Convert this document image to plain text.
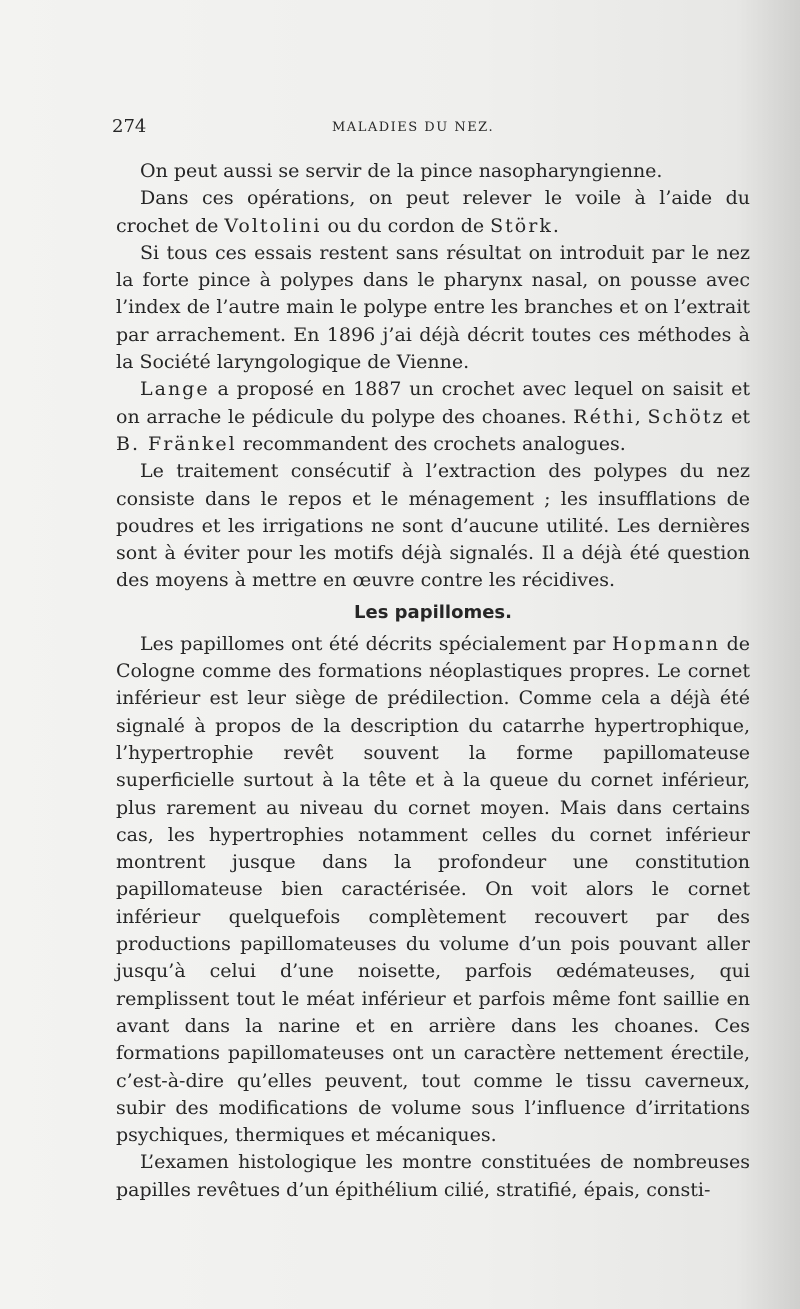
274	MALADIES DU NEZ.

On peut aussi se servir de la pince nasopharyngienne.

Dans ces opérations, on peut relever le voile à l’aide du crochet de Voltolini ou du cordon de Störk.

Si tous ces essais restent sans résultat on introduit par le nez la forte pince à polypes dans le pharynx nasal, on pousse avec l’index de l’autre main le polype entre les branches et on l’extrait par arrachement. En 1896 j’ai déjà décrit toutes ces méthodes à la Société laryngologique de Vienne.

Lange a proposé en 1887 un crochet avec lequel on saisit et on arrache le pédicule du polype des choanes. Réthi, Schötz et B. Fränkel recommandent des crochets analogues.

Le traitement consécutif à l’extraction des polypes du nez consiste dans le repos et le ménagement ; les insufflations de poudres et les irrigations ne sont d’aucune utilité. Les dernières sont à éviter pour les motifs déjà signalés. Il a déjà été question des moyens à mettre en œuvre contre les récidives.

Les papillomes.

Les papillomes ont été décrits spécialement par Hopmann de Cologne comme des formations néoplastiques propres. Le cornet inférieur est leur siège de prédilection. Comme cela a déjà été signalé à propos de la description du catarrhe hypertrophique, l’hypertrophie revêt souvent la forme papillomateuse superficielle surtout à la tête et à la queue du cornet inférieur, plus rarement au niveau du cornet moyen. Mais dans certains cas, les hypertrophies notamment celles du cornet inférieur montrent jusque dans la profondeur une constitution papillomateuse bien caractérisée. On voit alors le cornet inférieur quelquefois complètement recouvert par des productions papillomateuses du volume d’un pois pouvant aller jusqu’à celui d’une noisette, parfois œdémateuses, qui remplissent tout le méat inférieur et parfois même font saillie en avant dans la narine et en arrière dans les choanes. Ces formations papillomateuses ont un caractère nettement érectile, c’est-à-dire qu’elles peuvent, tout comme le tissu caverneux, subir des modifications de volume sous l’influence d’irritations psychiques, thermiques et mécaniques.

L’examen histologique les montre constituées de nombreuses papilles revêtues d’un épithélium cilié, stratifié, épais, consti-
